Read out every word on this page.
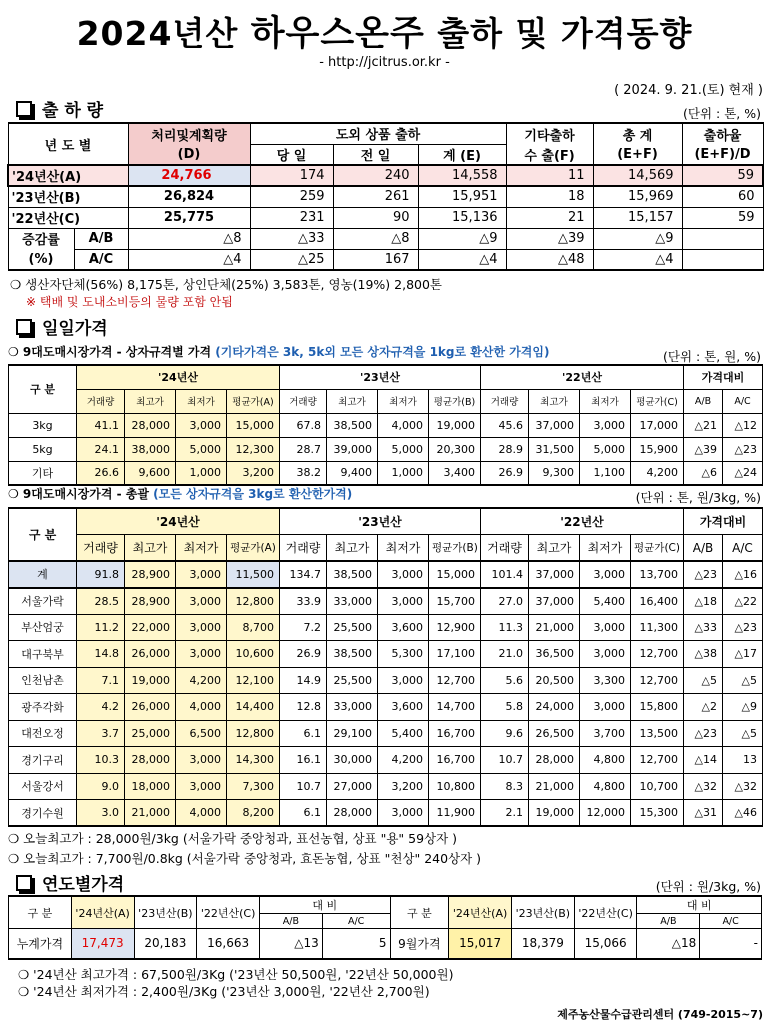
2024년산 하우스온주 출하 및 가격동향
- http://jcitrus.or.kr -
( 2024. 9. 21.(토) 현재 )
출 하 량	(단위 : 톤, %)
년 도 별		처리및계획량	도외 상품 출하			기타출하	총 계	출하율
		(D)	당 일	전 일	계 (E)	수 출(F)	(E+F)	(E+F)/D
'24년산(A)		24,766	174	240	14,558	11	14,569	59
'23년산(B)		26,824	259	261	15,951	18	15,969	60
'22년산(C)		25,775	231	90	15,136	21	15,157	59
증감률	A/B	△8	△33	△8	△9	△39	△9	
(%)	A/C	△4	△25	167	△4	△48	△4	
❍ 생산자단체(56%) 8,175톤, 상인단체(25%) 3,583톤, 영농(19%) 2,800톤
※ 택배 및 도내소비등의 물량 포함 안됨
일일가격
❍ 9대도매시장가격 - 상자규격별 가격 (기타가격은 3k, 5k외 모든 상자규격을 1kg로 환산한 가격임)	(단위 : 톤, 원, %)
구 분	'24년산				'23년산				'22년산				가격대비	
	거래량	최고가	최저가	평균가(A)	거래량	최고가	최저가	평균가(B)	거래량	최고가	최저가	평균가(C)	A/B	A/C
3kg	41.1	28,000	3,000	15,000	67.8	38,500	4,000	19,000	45.6	37,000	3,000	17,000	△21	△12
5kg	24.1	38,000	5,000	12,300	28.7	39,000	5,000	20,300	28.9	31,500	5,000	15,900	△39	△23
기타	26.6	9,600	1,000	3,200	38.2	9,400	1,000	3,400	26.9	9,300	1,100	4,200	△6	△24
❍ 9대도매시장가격 - 총괄 (모든 상자규격을 3kg로 환산한가격)	(단위 : 톤, 원/3kg, %)
구 분	'24년산				'23년산				'22년산				가격대비	
	거래량	최고가	최저가	평균가(A)	거래량	최고가	최저가	평균가(B)	거래량	최고가	최저가	평균가(C)	A/B	A/C
계	91.8	28,900	3,000	11,500	134.7	38,500	3,000	15,000	101.4	37,000	3,000	13,700	△23	△16
서울가락	28.5	28,900	3,000	12,800	33.9	33,000	3,000	15,700	27.0	37,000	5,400	16,400	△18	△22
부산엄궁	11.2	22,000	3,000	8,700	7.2	25,500	3,600	12,900	11.3	21,000	3,000	11,300	△33	△23
대구북부	14.8	26,000	3,000	10,600	26.9	38,500	5,300	17,100	21.0	36,500	3,000	12,700	△38	△17
인천남촌	7.1	19,000	4,200	12,100	14.9	25,500	3,000	12,700	5.6	20,500	3,300	12,700	△5	△5
광주각화	4.2	26,000	4,000	14,400	12.8	33,000	3,600	14,700	5.8	24,000	3,000	15,800	△2	△9
대전오정	3.7	25,000	6,500	12,800	6.1	29,100	5,400	16,700	9.6	26,500	3,700	13,500	△23	△5
경기구리	10.3	28,000	3,000	14,300	16.1	30,000	4,200	16,700	10.7	28,000	4,800	12,700	△14	13
서울강서	9.0	18,000	3,000	7,300	10.7	27,000	3,200	10,800	8.3	21,000	4,800	10,700	△32	△32
경기수원	3.0	21,000	4,000	8,200	6.1	28,000	3,000	11,900	2.1	19,000	12,000	15,300	△31	△46
❍ 오늘최고가 : 28,000원/3kg (서울가락 중앙청과, 표선농협, 상표 "용" 59상자 )
❍ 오늘최고가 : 7,700원/0.8kg (서울가락 중앙청과, 효돈농협, 상표 "천상" 240상자 )
연도별가격	(단위 : 원/3kg, %)
구 분	'24년산(A)	'23년산(B)	'22년산(C)	대 비		구 분	'24년산(A)	'23년산(B)	'22년산(C)	대 비	
				A/B	A/C					A/B	A/C
누계가격	17,473	20,183	16,663	△13	5	9월가격	15,017	18,379	15,066	△18	-
❍ '24년산 최고가격 : 67,500원/3Kg ('23년산 50,500원, '22년산 50,000원)
❍ '24년산 최저가격 : 2,400원/3Kg ('23년산 3,000원, '22년산 2,700원)
제주농산물수급관리센터 (749-2015~7)
